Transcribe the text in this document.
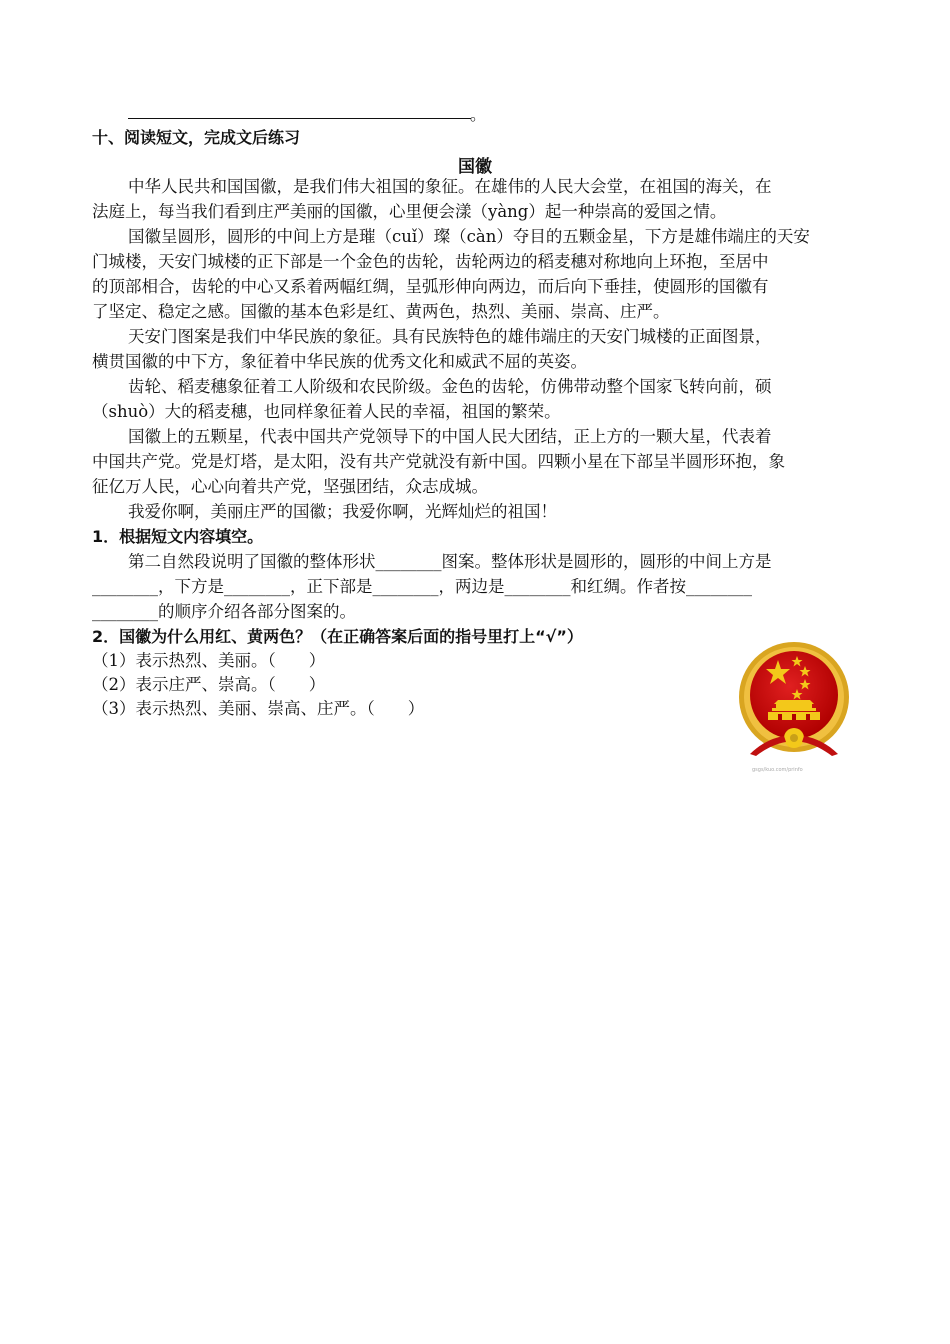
。
十、阅读短文，完成文后练习
国徽
中华人民共和国国徽，是我们伟大祖国的象征。在雄伟的人民大会堂，在祖国的海关，在
法庭上，每当我们看到庄严美丽的国徽，心里便会漾（yàng）起一种崇高的爱国之情。
国徽呈圆形，圆形的中间上方是璀（cuǐ）璨（càn）夺目的五颗金星，下方是雄伟端庄的天安
门城楼，天安门城楼的正下部是一个金色的齿轮，齿轮两边的稻麦穗对称地向上环抱，至居中
的顶部相合，齿轮的中心又系着两幅红绸，呈弧形伸向两边，而后向下垂挂，使圆形的国徽有
了坚定、稳定之感。国徽的基本色彩是红、黄两色，热烈、美丽、崇高、庄严。
天安门图案是我们中华民族的象征。具有民族特色的雄伟端庄的天安门城楼的正面图景，
横贯国徽的中下方，象征着中华民族的优秀文化和威武不屈的英姿。
齿轮、稻麦穗象征着工人阶级和农民阶级。金色的齿轮，仿佛带动整个国家飞转向前，硕
（shuò）大的稻麦穗，也同样象征着人民的幸福，祖国的繁荣。
国徽上的五颗星，代表中国共产党领导下的中国人民大团结，正上方的一颗大星，代表着
中国共产党。党是灯塔，是太阳，没有共产党就没有新中国。四颗小星在下部呈半圆形环抱，象
征亿万人民，心心向着共产党，坚强团结，众志成城。
我爱你啊，美丽庄严的国徽；我爱你啊，光辉灿烂的祖国！
1．根据短文内容填空。
第二自然段说明了国徽的整体形状________图案。整体形状是圆形的，圆形的中间上方是
________，下方是________，正下部是________，两边是________和红绸。作者按________
________的顺序介绍各部分图案的。
2．国徽为什么用红、黄两色？（在正确答案后面的指号里打上“√”）
（1）表示热烈、美丽。（　　）
（2）表示庄严、崇高。（　　）
（3）表示热烈、美丽、崇高、庄严。（　　）
gsgs/kuo.com/prinfo
